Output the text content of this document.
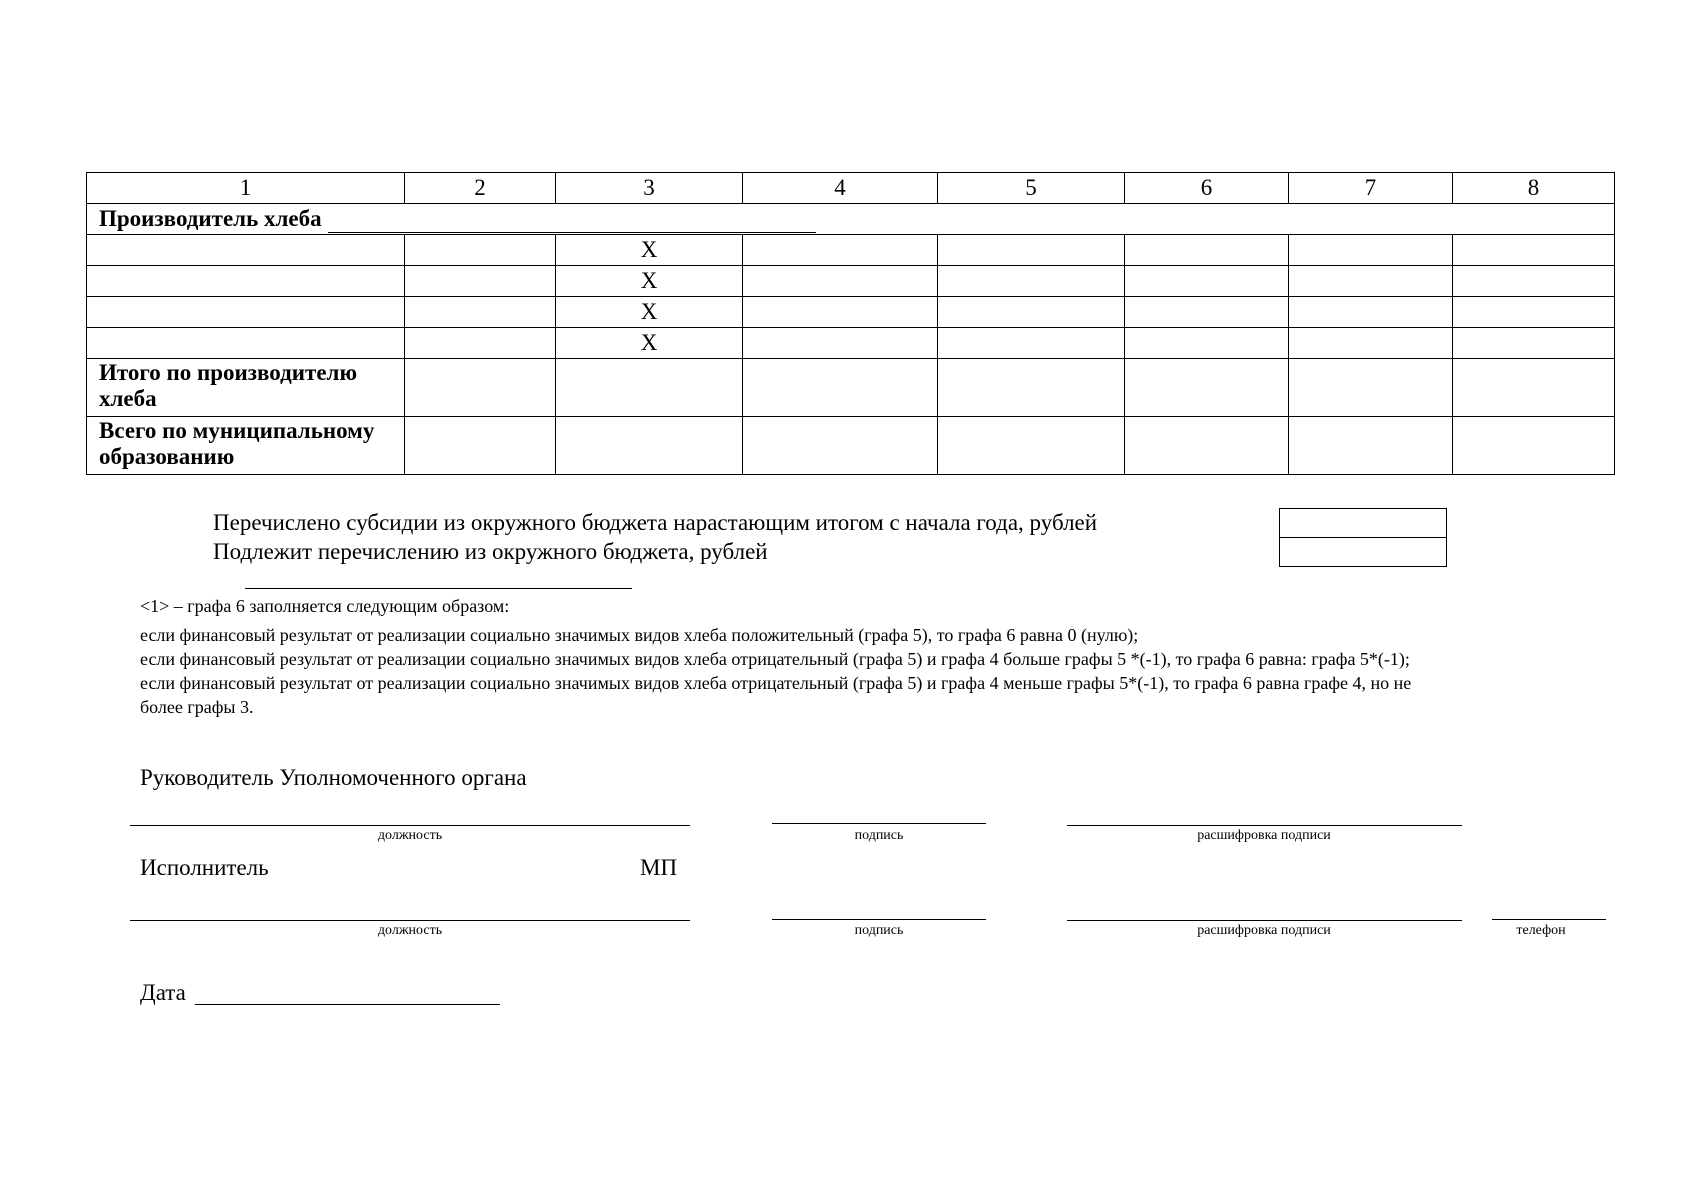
1	2	3	4	5	6	7	8
Производитель хлеба							
		Х					
		Х					
		Х					
		Х					
Итого по производителю хлеба							
Всего по муниципальному образованию							
Перечислено субсидии из окружного бюджета нарастающим итогом с начала года, рублей
Подлежит перечислению из окружного бюджета, рублей

<1> – графа 6 заполняется следующим образом:
если финансовый результат от реализации социально значимых видов хлеба положительный (графа 5), то графа 6 равна 0 (нулю);
если финансовый результат от реализации социально значимых видов хлеба отрицательный (графа 5) и графа 4 больше графы 5 *(-1), то графа 6 равна: графа 5*(-1);
если финансовый результат от реализации социально значимых видов хлеба отрицательный (графа 5) и графа 4 меньше графы 5*(-1), то графа 6 равна графе 4, но не
более графы 3.
Руководитель Уполномоченного органа
должность	подпись	расшифровка подписи
Исполнитель	МП
должность	подпись	расшифровка подписи	телефон
Дата
